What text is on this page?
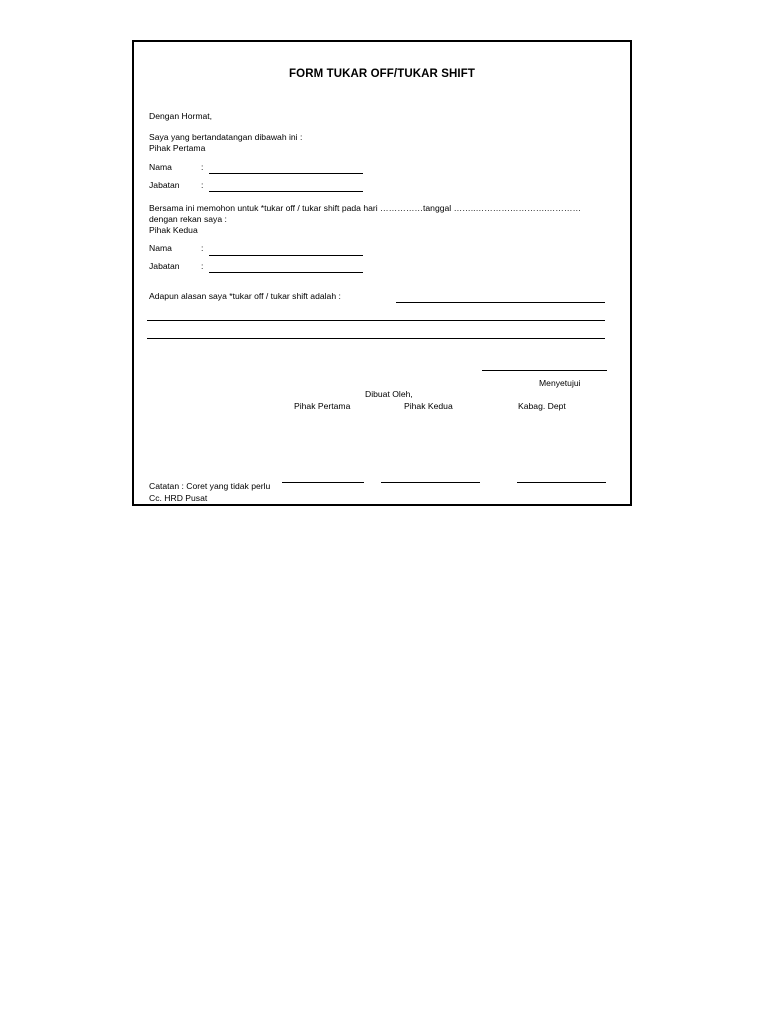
FORM TUKAR OFF/TUKAR SHIFT
Dengan Hormat,
Saya yang bertandatangan dibawah ini :
Pihak Pertama
Nama	:
Jabatan :
Bersama ini memohon untuk *tukar off / tukar shift pada hari ……………tanggal ……..…………………….…………
dengan rekan saya :
Pihak Kedua
Nama	:
Jabatan :
Adapun alasan saya *tukar off / tukar shift adalah :
Menyetujui
Dibuat Oleh,
Pihak Pertama	Pihak Kedua	Kabag. Dept
Catatan : Coret yang tidak perlu
Cc. HRD Pusat
